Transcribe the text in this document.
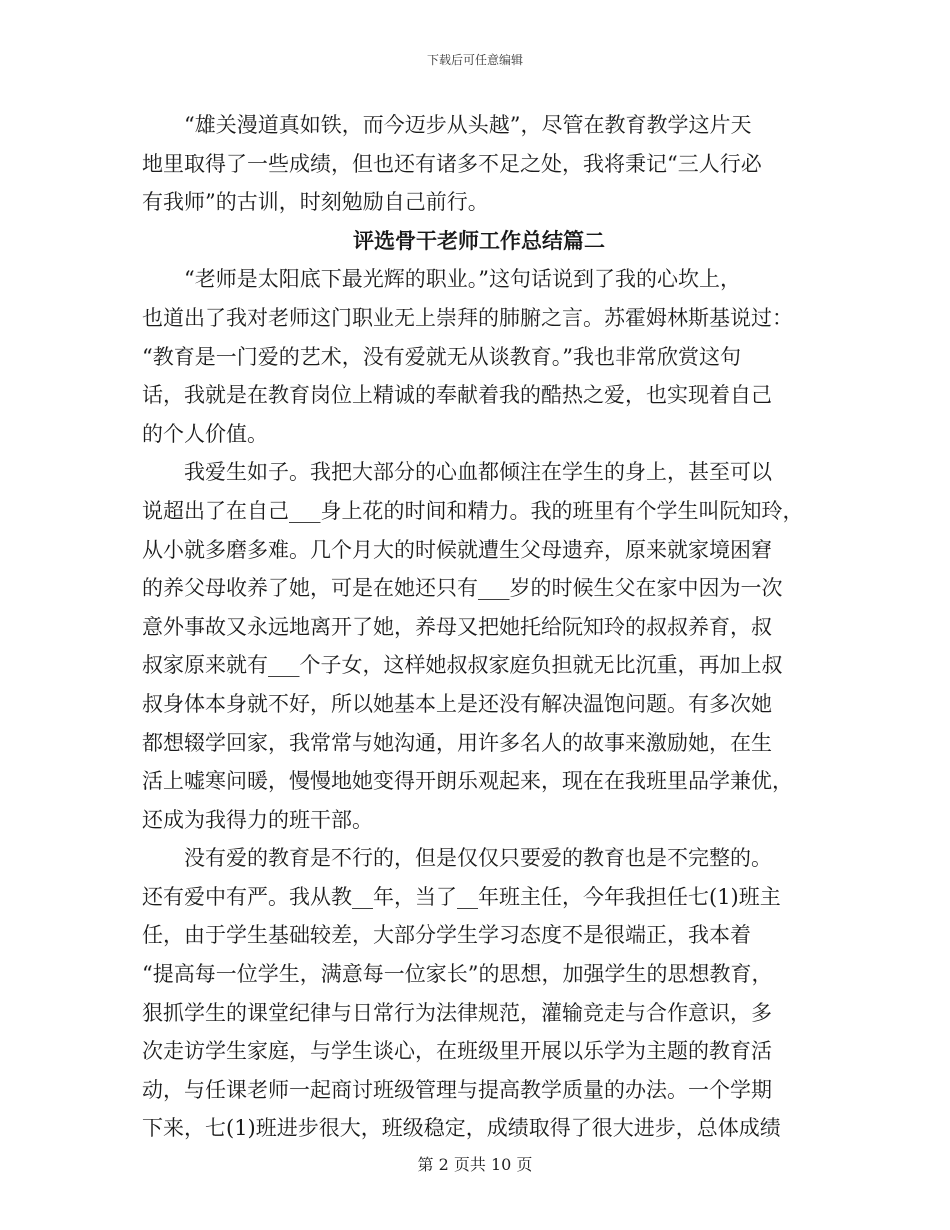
下载后可任意编辑
　　“雄关漫道真如铁，而今迈步从头越”，尽管在教育教学这片天
地里取得了一些成绩，但也还有诸多不足之处，我将秉记“三人行必
有我师”的古训，时刻勉励自己前行。
评选骨干老师工作总结篇二
　　“老师是太阳底下最光辉的职业。”这句话说到了我的心坎上，
也道出了我对老师这门职业无上崇拜的肺腑之言。苏霍姆林斯基说过：
“教育是一门爱的艺术，没有爱就无从谈教育。”我也非常欣赏这句
话，我就是在教育岗位上精诚的奉献着我的酷热之爱，也实现着自己
的个人价值。
　　我爱生如子。我把大部分的心血都倾注在学生的身上，甚至可以
说超出了在自己___身上花的时间和精力。我的班里有个学生叫阮知玲，
从小就多磨多难。几个月大的时候就遭生父母遗弃，原来就家境困窘
的养父母收养了她，可是在她还只有___岁的时候生父在家中因为一次
意外事故又永远地离开了她，养母又把她托给阮知玲的叔叔养育，叔
叔家原来就有___个子女，这样她叔叔家庭负担就无比沉重，再加上叔
叔身体本身就不好，所以她基本上是还没有解决温饱问题。有多次她
都想辍学回家，我常常与她沟通，用许多名人的故事来激励她，在生
活上嘘寒问暖，慢慢地她变得开朗乐观起来，现在在我班里品学兼优，
还成为我得力的班干部。
　　没有爱的教育是不行的，但是仅仅只要爱的教育也是不完整的。
还有爱中有严。我从教__年，当了__年班主任，今年我担任七(1)班主
任，由于学生基础较差，大部分学生学习态度不是很端正，我本着
“提高每一位学生，满意每一位家长”的思想，加强学生的思想教育，
狠抓学生的课堂纪律与日常行为法律规范，灌输竞走与合作意识，多
次走访学生家庭，与学生谈心，在班级里开展以乐学为主题的教育活
动，与任课老师一起商讨班级管理与提高教学质量的办法。一个学期
下来，七(1)班进步很大，班级稳定，成绩取得了很大进步，总体成绩
第 2 页共 10 页
